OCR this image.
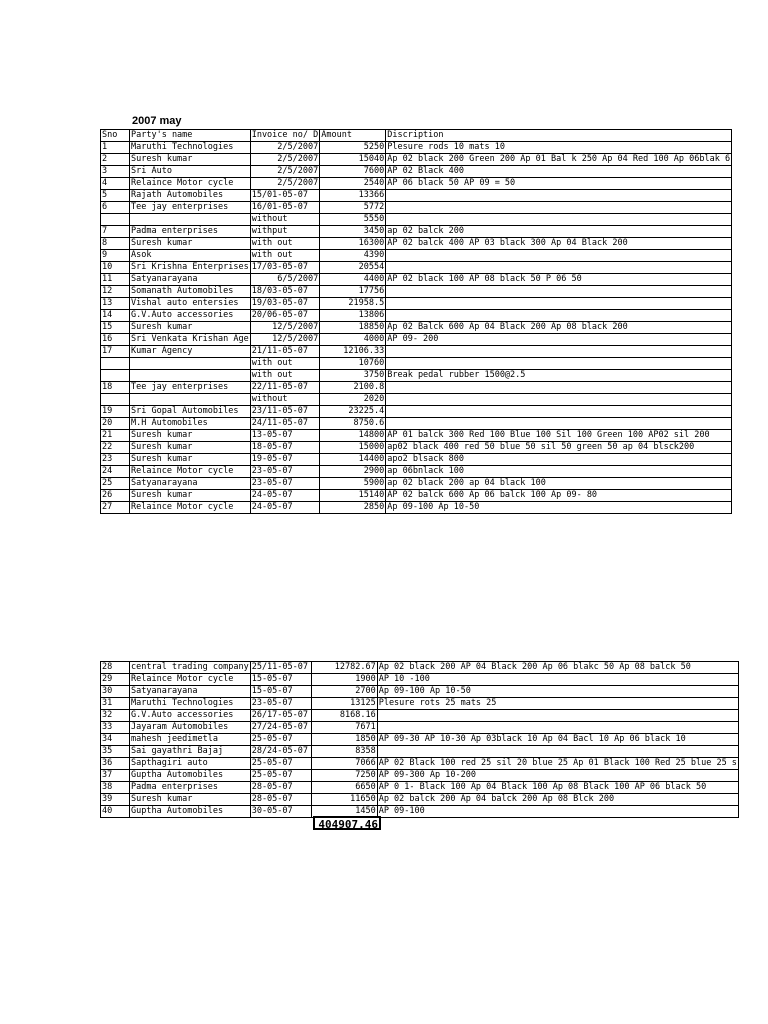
2007 may
Sno	Party's name	Invoice no/ D	Amount	Discription
1	Maruthi Technologies	2/5/2007	5250	Plesure rods 10 mats 10
2	Suresh kumar	2/5/2007	15040	Ap 02 black 200 Green 200 Ap 01 Bal k 250 Ap 04 Red 100 Ap 06blak 6
3	Sri Auto	2/5/2007	7600	AP 02 Black 400
4	Relaince Motor cycle	2/5/2007	2540	AP 06 black 50 AP 09 = 50
5	Rajath Automobiles	15/01-05-07	13366	
6	Tee jay enterprises	16/01-05-07	5772	
		without	5550	
7	Padma enterprises	withput	3450	ap 02 balck 200
8	Suresh kumar	with out	16300	AP 02 balck 400 AP 03 black 300 Ap 04 Black 200
9	Asok	with out	4390	
10	Sri Krishna Enterprises	17/03-05-07	20554	
11	Satyanarayana	6/5/2007	4400	AP 02 black 100 AP 08 black 50 P 06 50
12	Somanath Automobiles	18/03-05-07	17756	
13	Vishal auto entersies	19/03-05-07	21958.5	
14	G.V.Auto accessories	20/06-05-07	13806	
15	Suresh kumar	12/5/2007	18850	Ap 02 Balck 600 Ap 04 Black 200 Ap 08 black 200
16	Sri Venkata Krishan Age	12/5/2007	4000	AP 09- 200
17	Kumar Agency	21/11-05-07	12106.33	
		with out	10760	
		with out	3750	Break pedal rubber 1500@2.5
18	Tee jay enterprises	22/11-05-07	2100.8	
		without	2020	
19	Sri Gopal Automobiles	23/11-05-07	23225.4	
20	M.H Automobiles	24/11-05-07	8750.6	
21	Suresh kumar	13-05-07	14800	AP 01 balck 300 Red 100 Blue 100 Sil 100 Green 100 AP02 sil 200
22	Suresh kumar	18-05-07	15000	ap02 black 400 red 50 blue 50 sil 50 green 50 ap 04 blsck200
23	Suresh kumar	19-05-07	14400	apo2 blsack 800
24	Relaince Motor cycle	23-05-07	2900	ap 06bnlack 100
25	Satyanarayana	23-05-07	5900	ap 02 black 200 ap 04 black 100
26	Suresh kumar	24-05-07	15140	AP 02 balck 600 Ap 06 balck 100 Ap 09- 80
27	Relaince Motor cycle	24-05-07	2850	Ap 09-100 Ap 10-50
28	central trading company	25/11-05-07	12782.67	Ap 02 black 200 AP 04 Black 200 Ap 06 blakc 50 Ap 08 balck 50
29	Relaince Motor cycle	15-05-07	1900	AP 10 -100
30	Satyanarayana	15-05-07	2700	Ap 09-100 Ap 10-50
31	Maruthi Technologies	23-05-07	13125	Plesure rots 25 mats 25
32	G.V.Auto accessories	26/17-05-07	8168.16	
33	Jayaram Automobiles	27/24-05-07	7671	
34	mahesh jeedimetla	25-05-07	1850	AP 09-30 AP 10-30 Ap 03black 10 Ap 04 Bacl 10 Ap 06 black 10
35	Sai gayathri Bajaj	28/24-05-07	8358	
36	Sapthagiri auto	25-05-07	7066	AP 02 Black 100 red 25 sil 20 blue 25 Ap 01 Black 100 Red 25 blue 25 s
37	Guptha Automobiles	25-05-07	7250	AP 09-300 Ap 10-200
38	Padma enterprises	28-05-07	6650	AP 0 1- Black 100 Ap 04 Black 100 Ap 08 Black 100 AP 06 black 50
39	Suresh kumar	28-05-07	11650	Ap 02 balck 200 Ap 04 balck 200 Ap 08 Blck 200
40	Guptha Automobiles	30-05-07	1450	AP 09-100
404907.46
